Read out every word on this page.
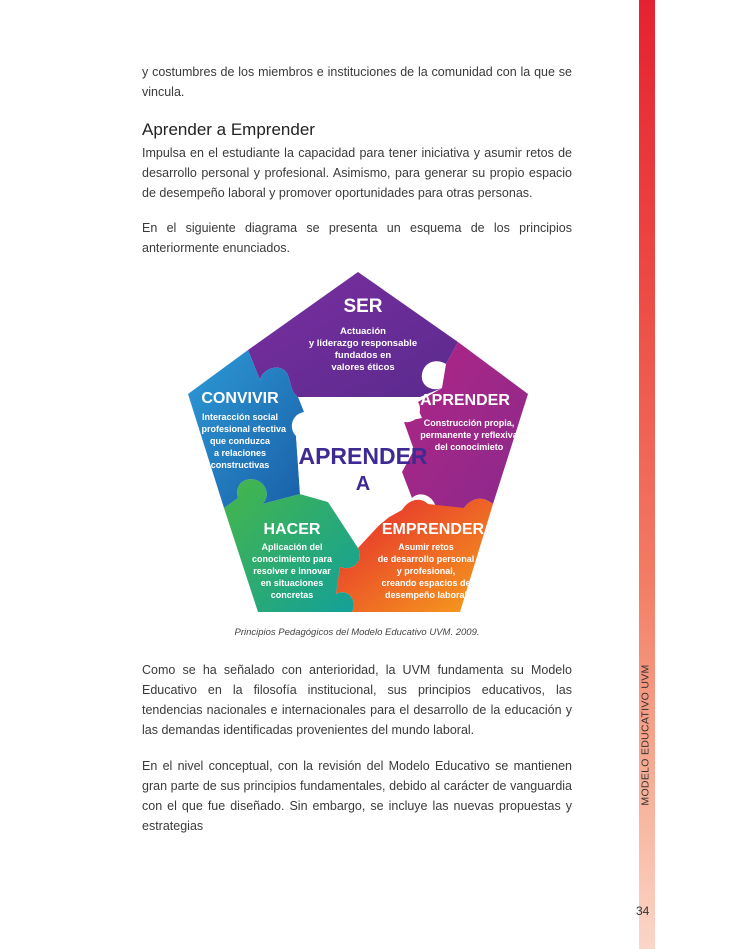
MODELO EDUCATIVO UVM
34

y costumbres de los miembros e instituciones de la comunidad con la que se vincula.

Aprender a Emprender

Impulsa en el estudiante la capacidad para tener iniciativa y asumir retos de desarrollo personal y profesional. Asimismo, para generar su propio espacio de desempeño laboral y promover oportunidades para otras personas.

En el siguiente diagrama se presenta un esquema de los principios anteriormente enunciados.

SER
Actuación
y liderazgo responsable
fundados en
valores éticos
APRENDER
Construcción propia,
permanente y reflexiva
del conocimieto
EMPRENDER
Asumir retos
de desarrollo personal
y profesional,
creando espacios de
desempeño laboral
HACER
Aplicación del
conocimiento para
resolver e innovar
en situaciones
concretas
CONVIVIR
Interacción social
y profesional efectiva
que conduzca
a relaciones
constructivas APRENDER
A
Principios Pedagógicos del Modelo Educativo UVM. 2009.

Como se ha señalado con anterioridad, la UVM fundamenta su Modelo Educativo en la filosofía institucional, sus principios educativos, las tendencias nacionales e internacionales para el desarrollo de la educación y las demandas identificadas provenientes del mundo laboral.

En el nivel conceptual, con la revisión del Modelo Educativo se mantienen gran parte de sus principios fundamentales, debido al carácter de vanguardia con el que fue diseñado. Sin embargo, se incluye las nuevas propuestas y estrategias
